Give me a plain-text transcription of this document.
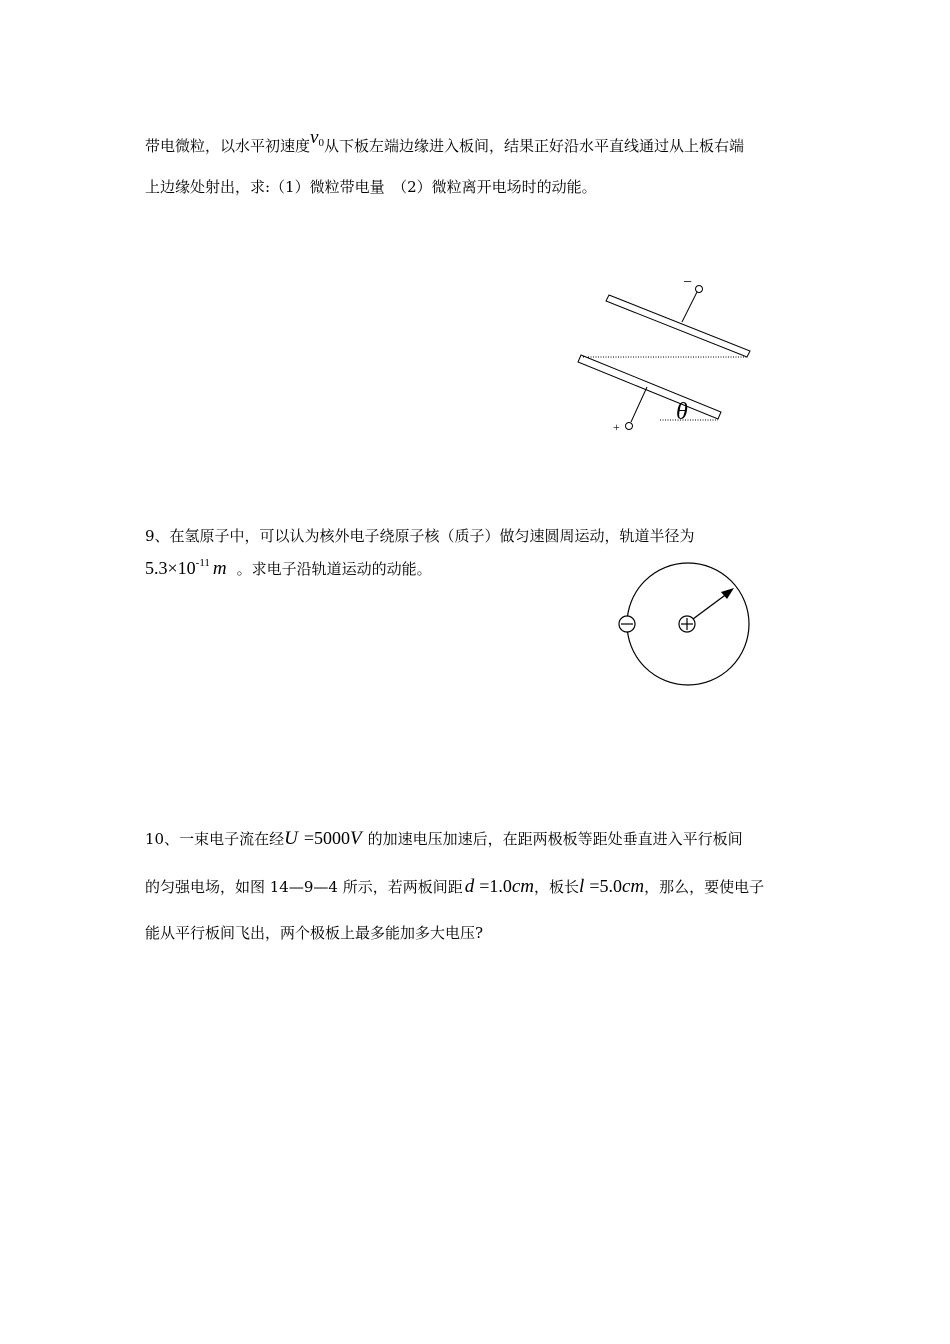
带电微粒，以水平初速度$v_0$从下板左端边缘进入板间，结果正好沿水平直线通过从上板右端
上边缘处射出，求:（1）微粒带电量　（2）微粒离开电场时的动能。
−
+
θ
9、在氢原子中，可以认为核外电子绕原子核（质子）做匀速圆周运动，轨道半径为
$5.3\times 10^{-11}$ m 。求电子沿轨道运动的动能。
10、一束电子流在经U =5000V 的加速电压加速后，在距两极板等距处垂直进入平行板间
的匀强电场，如图 14—9—4 所示，若两板间距 d =1.0cm，板长l =5.0cm，那么，要使电子
能从平行板间飞出，两个极板上最多能加多大电压?
